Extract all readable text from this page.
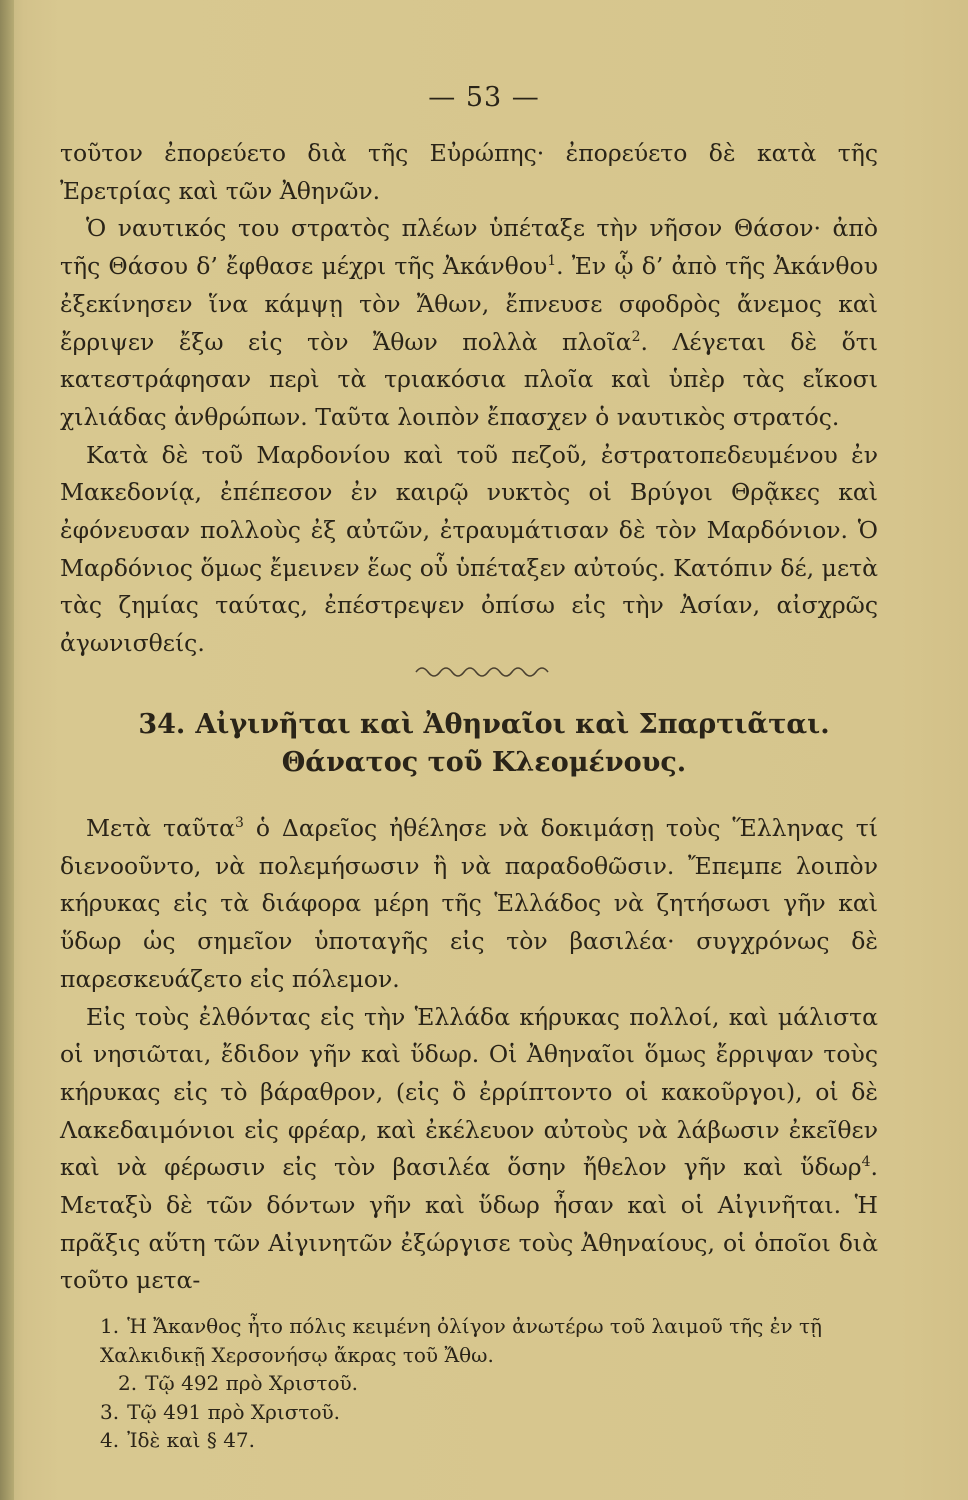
— 53 —

τοῦτον ἐπορεύετο διὰ τῆς Εὐρώπης· ἐπορεύετο δὲ κατὰ τῆς Ἐρετρίας καὶ τῶν Ἀθηνῶν.

Ὁ ναυτικός του στρατὸς πλέων ὑπέταξε τὴν νῆσον Θάσον· ἀπὸ τῆς Θάσου δ’ ἔφθασε μέχρι τῆς Ἀκάνθου$^1$. Ἐν ᾧ δ’ ἀπὸ τῆς Ἀκάνθου ἐξεκίνησεν ἵνα κάμψῃ τὸν Ἄθων, ἔπνευσε σφοδρὸς ἄνεμος καὶ ἔρριψεν ἔξω εἰς τὸν Ἄθων πολλὰ πλοῖα$^2$. Λέγεται δὲ ὅτι κατεστράφησαν περὶ τὰ τριακόσια πλοῖα καὶ ὑπὲρ τὰς εἴκοσι χιλιάδας ἀνθρώπων. Ταῦτα λοιπὸν ἔπασχεν ὁ ναυτικὸς στρατός.

Κατὰ δὲ τοῦ Μαρδονίου καὶ τοῦ πεζοῦ, ἐστρατοπεδευμένου ἐν Μακεδονίᾳ, ἐπέπεσον ἐν καιρῷ νυκτὸς οἱ Βρύγοι Θρᾷκες καὶ ἐφόνευσαν πολλοὺς ἐξ αὐτῶν, ἐτραυμάτισαν δὲ τὸν Μαρδόνιον. Ὁ Μαρδόνιος ὅμως ἔμεινεν ἕως οὗ ὑπέταξεν αὐτούς. Κατόπιν δέ, μετὰ τὰς ζημίας ταύτας, ἐπέστρεψεν ὀπίσω εἰς τὴν Ἀσίαν, αἰσχρῶς ἀγωνισθείς.

34. Αἰγινῆται καὶ Ἀθηναῖοι καὶ Σπαρτιᾶται.
Θάνατος τοῦ Κλεομένους.

Μετὰ ταῦτα$^3$ ὁ Δαρεῖος ἠθέλησε νὰ δοκιμάσῃ τοὺς Ἕλληνας τί διενοοῦντο, νὰ πολεμήσωσιν ἢ νὰ παραδοθῶσιν. Ἔπεμπε λοιπὸν κήρυκας εἰς τὰ διάφορα μέρη τῆς Ἑλλάδος νὰ ζητήσωσι γῆν καὶ ὕδωρ ὡς σημεῖον ὑποταγῆς εἰς τὸν βασιλέα· συγχρόνως δὲ παρεσκευάζετο εἰς πόλεμον.

Εἰς τοὺς ἐλθόντας εἰς τὴν Ἑλλάδα κήρυκας πολλοί, καὶ μάλιστα οἱ νησιῶται, ἔδιδον γῆν καὶ ὕδωρ. Οἱ Ἀθηναῖοι ὅμως ἔρριψαν τοὺς κήρυκας εἰς τὸ βάραθρον, (εἰς ὃ ἐρρίπτοντο οἱ κακοῦργοι), οἱ δὲ Λακεδαιμόνιοι εἰς φρέαρ, καὶ ἐκέλευον αὐτοὺς νὰ λάβωσιν ἐκεῖθεν καὶ νὰ φέρωσιν εἰς τὸν βασιλέα ὅσην ἤθελον γῆν καὶ ὕδωρ$^4$. Μεταξὺ δὲ τῶν δόντων γῆν καὶ ὕδωρ ἦσαν καὶ οἱ Αἰγινῆται. Ἡ πρᾶξις αὕτη τῶν Αἰγινητῶν ἐξώργισε τοὺς Ἀθηναίους, οἱ ὁποῖοι διὰ τοῦτο μετα-

1. Ἡ Ἄκανθος ἦτο πόλις κειμένη ὀλίγον ἀνωτέρω τοῦ λαιμοῦ τῆς ἐν τῇ Χαλκιδικῇ Χερσονήσῳ ἄκρας τοῦ Ἄθω.

2. Τῷ 492 πρὸ Χριστοῦ.

3. Τῷ 491 πρὸ Χριστοῦ.

4. Ἰδὲ καὶ § 47.
